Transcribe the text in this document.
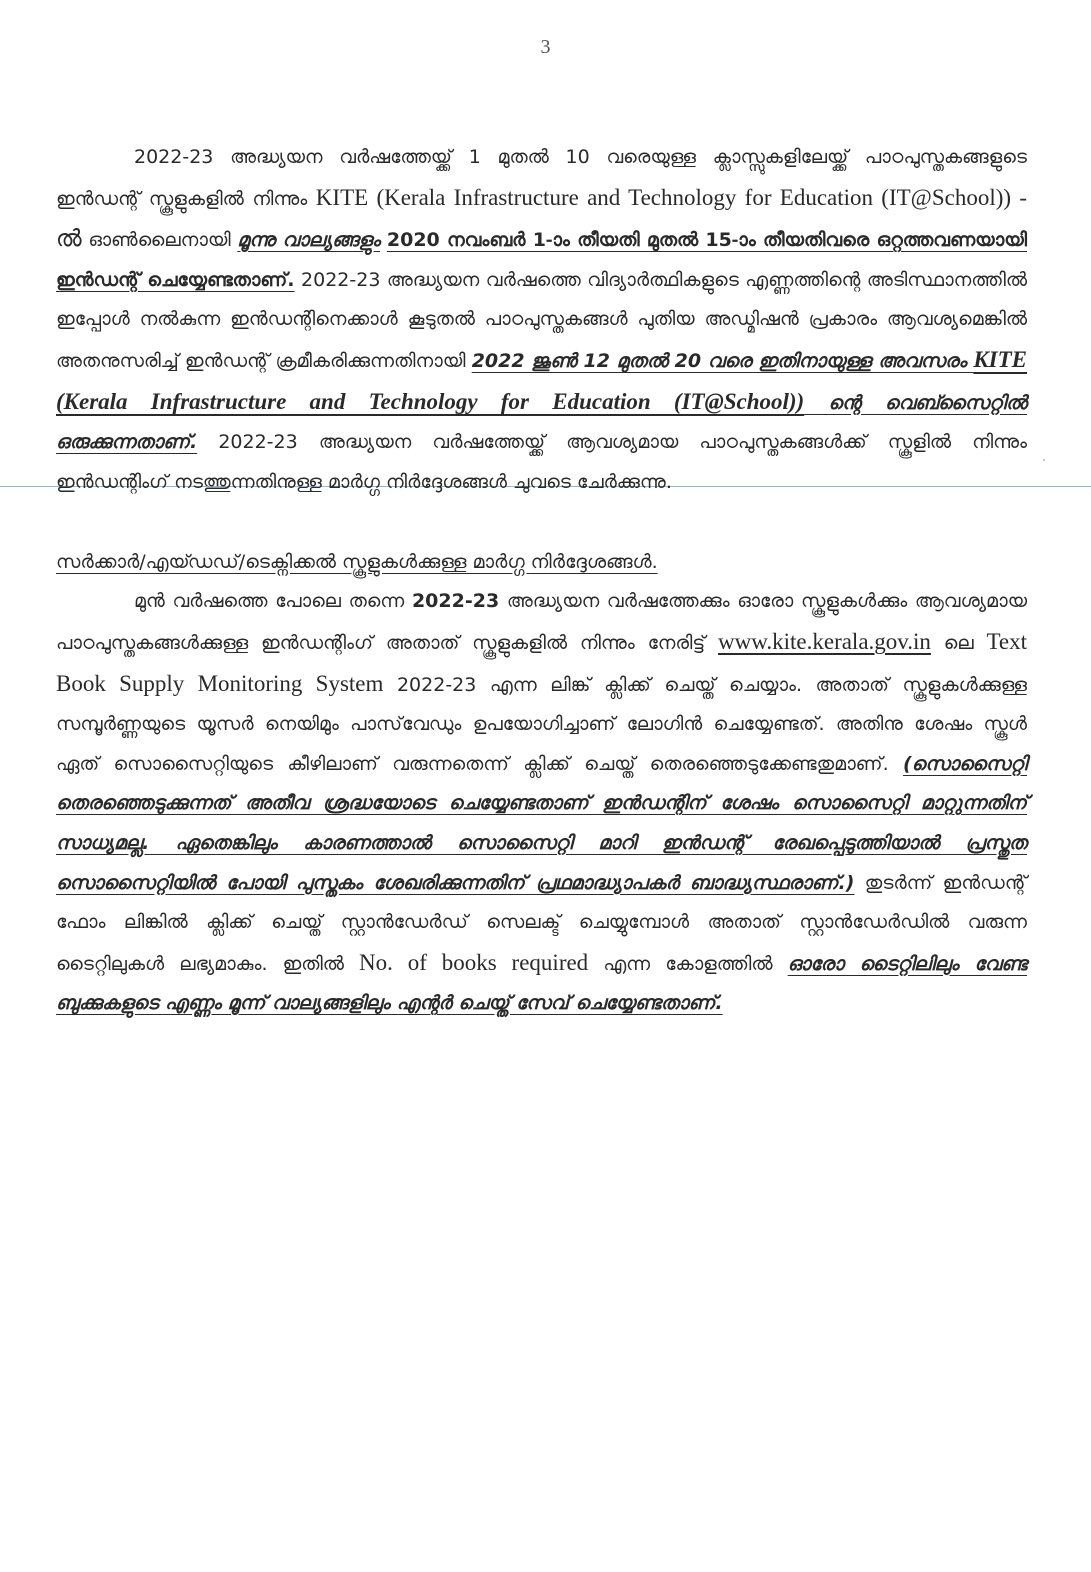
3

2022-23 അദ്ധ്യയന വർഷത്തേയ്ക്ക് 1 മുതൽ 10 വരെയുള്ള ക്ലാസ്സുകളിലേയ്ക്ക് പാഠപുസ്തകങ്ങളുടെ ഇൻഡന്റ് സ്കൂളുകളിൽ നിന്നും KITE (Kerala Infrastructure and Technology for Education (IT@School)) - ൽ ഓൺലൈനായി മൂന്നു വാല്യങ്ങളും 2020 നവംബർ 1-ാം തീയതി മുതൽ 15-ാം തീയതിവരെ ഒറ്റത്തവണയായി ഇൻഡന്റ് ചെയ്യേണ്ടതാണ്. 2022-23 അദ്ധ്യയന വർഷത്തെ വിദ്യാർത്ഥികളുടെ എണ്ണത്തിന്റെ അടിസ്ഥാനത്തിൽ ഇപ്പോൾ നൽകുന്ന ഇൻഡന്റിനെക്കാൾ കൂടുതൽ പാഠപുസ്തകങ്ങൾ പുതിയ അഡ്മിഷൻ പ്രകാരം ആവശ്യമെങ്കിൽ അതനുസരിച്ച് ഇൻഡന്റ് ക്രമീകരിക്കുന്നതിനായി 2022 ജൂൺ 12 മുതൽ 20 വരെ ഇതിനായുള്ള അവസരം KITE (Kerala Infrastructure and Technology for Education (IT@School)) ന്റെ വെബ്സൈറ്റിൽ ഒരുക്കുന്നതാണ്. 2022-23 അദ്ധ്യയന വർഷത്തേയ്ക്ക് ആവശ്യമായ പാഠപുസ്തകങ്ങൾക്ക് സ്കൂളിൽ നിന്നും ഇൻഡന്റിംഗ് നടത്തുന്നതിനുള്ള മാർഗ്ഗ നിർദ്ദേശങ്ങൾ ചുവടെ ചേർക്കുന്നു.

സർക്കാർ/എയ്ഡഡ്/ടെക്നിക്കൽ സ്കൂളുകൾക്കുള്ള മാർഗ്ഗ നിർദ്ദേശങ്ങൾ.

മുൻ വർഷത്തെ പോലെ തന്നെ 2022-23 അദ്ധ്യയന വർഷത്തേക്കും ഓരോ സ്കൂളുകൾക്കും ആവശ്യമായ പാഠപുസ്തകങ്ങൾക്കുള്ള ഇൻഡന്റിംഗ് അതാത് സ്കൂളുകളിൽ നിന്നും നേരിട്ട് www.kite.kerala.gov.in ലെ Text Book Supply Monitoring System 2022-23 എന്ന ലിങ്ക് ക്ലിക്ക് ചെയ്ത് ചെയ്യാം. അതാത് സ്കൂളുകൾക്കുള്ള സമ്പൂർണ്ണയുടെ യൂസർ നെയിമും പാസ്‌വേഡും ഉപയോഗിച്ചാണ് ലോഗിൻ ചെയ്യേണ്ടത്. അതിനു ശേഷം സ്കൂൾ ഏത് സൊസൈറ്റിയുടെ കീഴിലാണ് വരുന്നതെന്ന് ക്ലിക്ക് ചെയ്ത് തെരഞ്ഞെടുക്കേണ്ടതുമാണ്. (സൊസൈറ്റി തെരഞ്ഞെടുക്കുന്നത് അതീവ ശ്രദ്ധയോടെ ചെയ്യേണ്ടതാണ് ഇൻഡന്റിന് ശേഷം സൊസൈറ്റി മാറ്റുന്നതിന് സാധ്യമല്ല. ഏതെങ്കിലും കാരണത്താൽ സൊസൈറ്റി മാറി ഇൻഡന്റ് രേഖപ്പെടുത്തിയാൽ പ്രസ്തുത സൊസൈറ്റിയിൽ പോയി പുസ്തകം ശേഖരിക്കുന്നതിന് പ്രഥമാദ്ധ്യാപകർ ബാദ്ധ്യസ്ഥരാണ്.) തുടർന്ന് ഇൻഡന്റ് ഫോം ലിങ്കിൽ ക്ലിക്ക് ചെയ്ത് സ്റ്റാൻഡേർഡ് സെലക്ട് ചെയ്യുമ്പോൾ അതാത് സ്റ്റാൻഡേർഡിൽ വരുന്ന ടൈറ്റിലുകൾ ലഭ്യമാകും. ഇതിൽ No. of books required എന്ന കോളത്തിൽ ഓരോ ടൈറ്റിലിലും വേണ്ട ബുക്കുകളുടെ എണ്ണം മൂന്ന് വാല്യങ്ങളിലും എന്റർ ചെയ്ത് സേവ് ചെയ്യേണ്ടതാണ്.
